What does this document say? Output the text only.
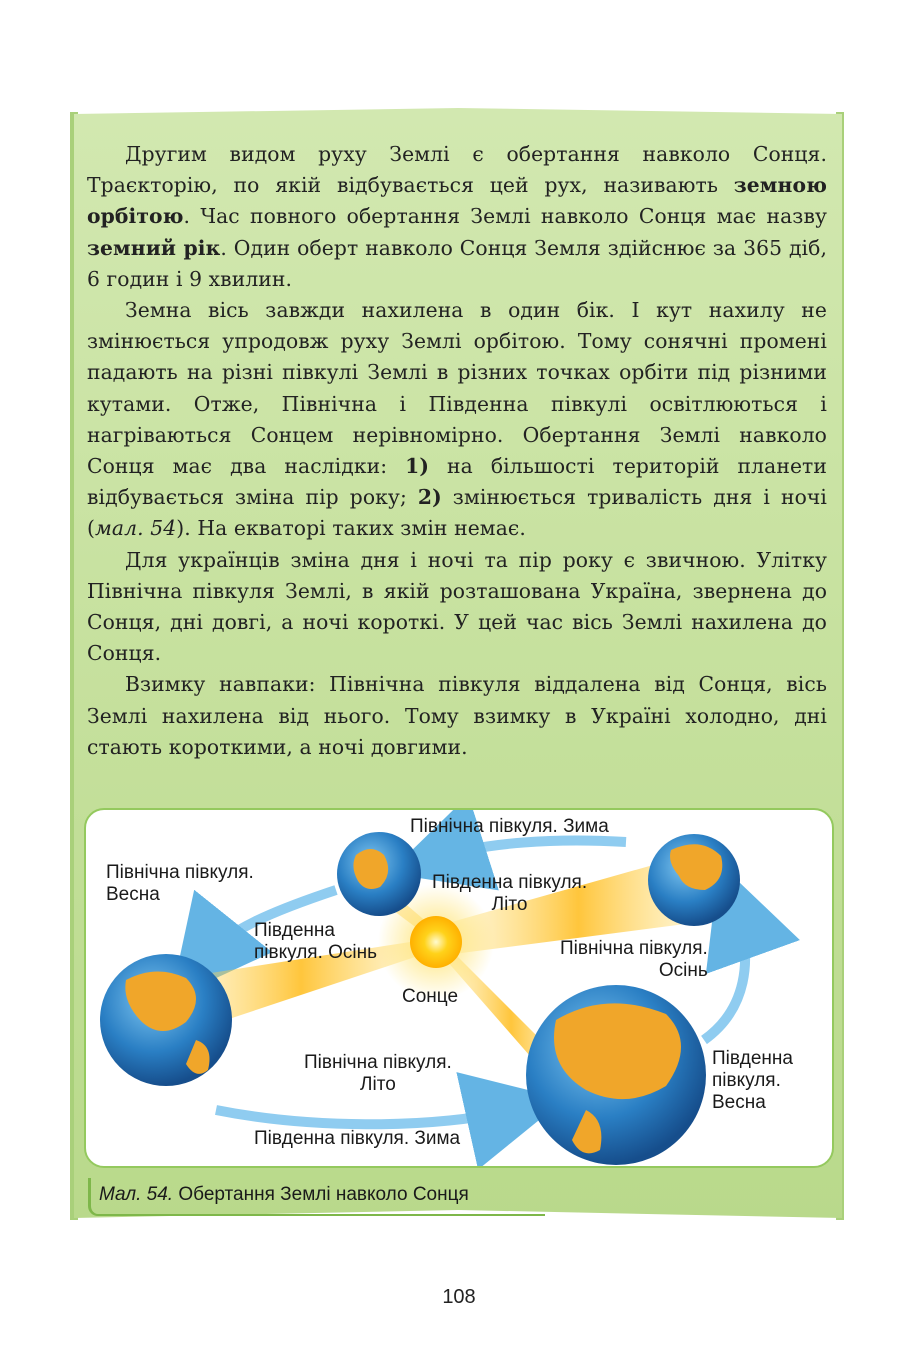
Другим видом руху Землі є обертання навколо Сонця. Траєкторію, по якій відбувається цей рух, називають земною орбітою. Час повного обертання Землі навколо Сонця має назву земний рік. Один оберт навколо Сонця Земля здійснює за 365 діб, 6 годин і 9 хвилин.

Земна вісь завжди нахилена в один бік. І кут нахилу не змінюється упродовж руху Землі орбітою. Тому сонячні промені падають на різні півкулі Землі в різних точках орбіти під різними кутами. Отже, Північна і Південна півкулі освітлюються і нагріваються Сонцем нерівномірно. Обертання Землі навколо Сонця має два наслідки: 1) на більшості територій планети відбувається зміна пір року; 2) змінюється тривалість дня і ночі (мал. 54). На екваторі таких змін немає.

Для українців зміна дня і ночі та пір року є звичною. Улітку Північна півкуля Землі, в якій розташована Україна, звернена до Сонця, дні довгі, а ночі короткі. У цей час вісь Землі нахилена до Сонця.

Взимку навпаки: Північна півкуля віддалена від Сонця, вісь Землі нахилена від нього. Тому взимку в Україні холодно, дні стають короткими, а ночі довгими.

Північна півкуля. Зима
Північна півкуля.
Весна
Південна півкуля.
Літо
Південна
півкуля. Осінь	Північна півкуля.
Осінь
Сонце
Північна півкуля.
Літо
Південна
півкуля.
Весна
Південна півкуля. Зима
Мал. 54. Обертання Землі навколо Сонця
108
